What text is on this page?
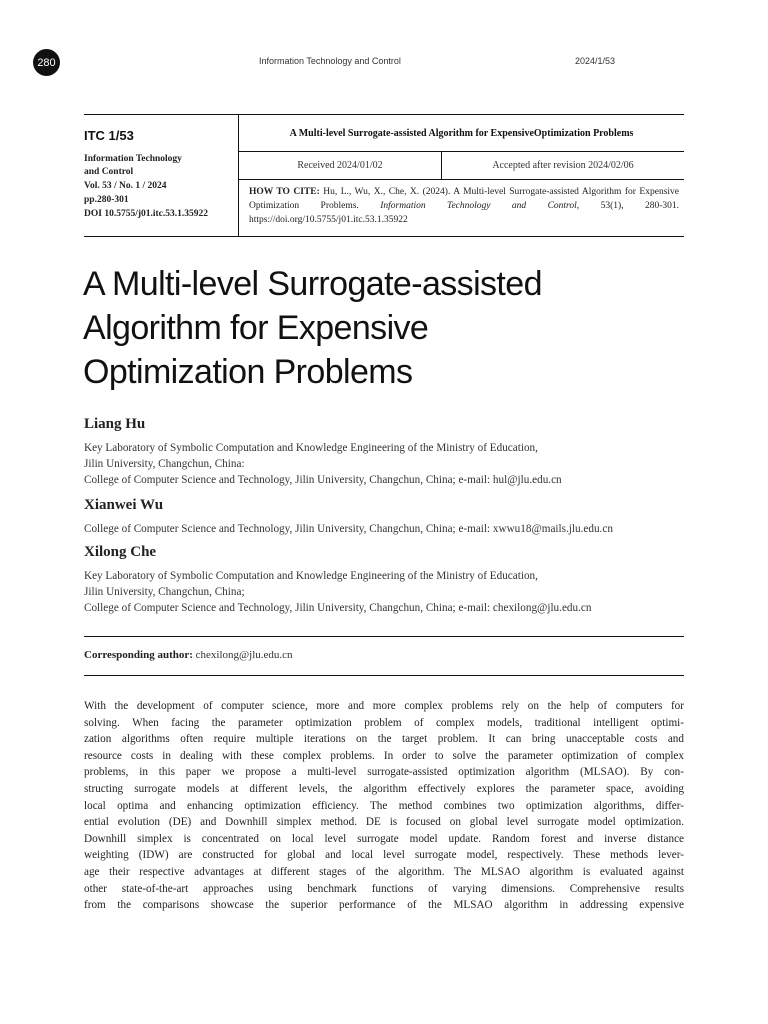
280	Information Technology and Control	2024/1/53
ITC 1/53
Information Technology
and Control
Vol. 53 / No. 1 / 2024
pp.280-301
DOI 10.5755/j01.itc.53.1.35922
A Multi-level Surrogate-assisted Algorithm for ExpensiveOptimization Problems
Received 2024/01/02	Accepted after revision 2024/02/06
HOW TO CITE: Hu, L., Wu, X., Che, X. (2024). A Multi-level Surrogate-assisted Algorithm for Expensive Optimization Problems. Information Technology and Control, 53(1), 280-301. https://doi.org/10.5755/j01.itc.53.1.35922
A Multi-level Surrogate-assisted
Algorithm for Expensive
Optimization Problems
Liang Hu
Key Laboratory of Symbolic Computation and Knowledge Engineering of the Ministry of Education,
Jilin University, Changchun, China:
College of Computer Science and Technology, Jilin University, Changchun, China; e-mail: hul@jlu.edu.cn
Xianwei Wu
College of Computer Science and Technology, Jilin University, Changchun, China; e-mail: xwwu18@mails.jlu.edu.cn
Xilong Che
Key Laboratory of Symbolic Computation and Knowledge Engineering of the Ministry of Education,
Jilin University, Changchun, China;
College of Computer Science and Technology, Jilin University, Changchun, China; e-mail: chexilong@jlu.edu.cn
Corresponding author: chexilong@jlu.edu.cn
With the development of computer science, more and more complex problems rely on the help of computers for
solving. When facing the parameter optimization problem of complex models, traditional intelligent optimi-
zation algorithms often require multiple iterations on the target problem. It can bring unacceptable costs and
resource costs in dealing with these complex problems. In order to solve the parameter optimization of complex
problems, in this paper we propose a multi-level surrogate-assisted optimization algorithm (MLSAO). By con-
structing surrogate models at different levels, the algorithm effectively explores the parameter space, avoiding
local optima and enhancing optimization efficiency. The method combines two optimization algorithms, differ-
ential evolution (DE) and Downhill simplex method. DE is focused on global level surrogate model optimization.
Downhill simplex is concentrated on local level surrogate model update. Random forest and inverse distance
weighting (IDW) are constructed for global and local level surrogate model, respectively. These methods lever-
age their respective advantages at different stages of the algorithm. The MLSAO algorithm is evaluated against
other state-of-the-art approaches using benchmark functions of varying dimensions. Comprehensive results
from the comparisons showcase the superior performance of the MLSAO algorithm in addressing expensive
